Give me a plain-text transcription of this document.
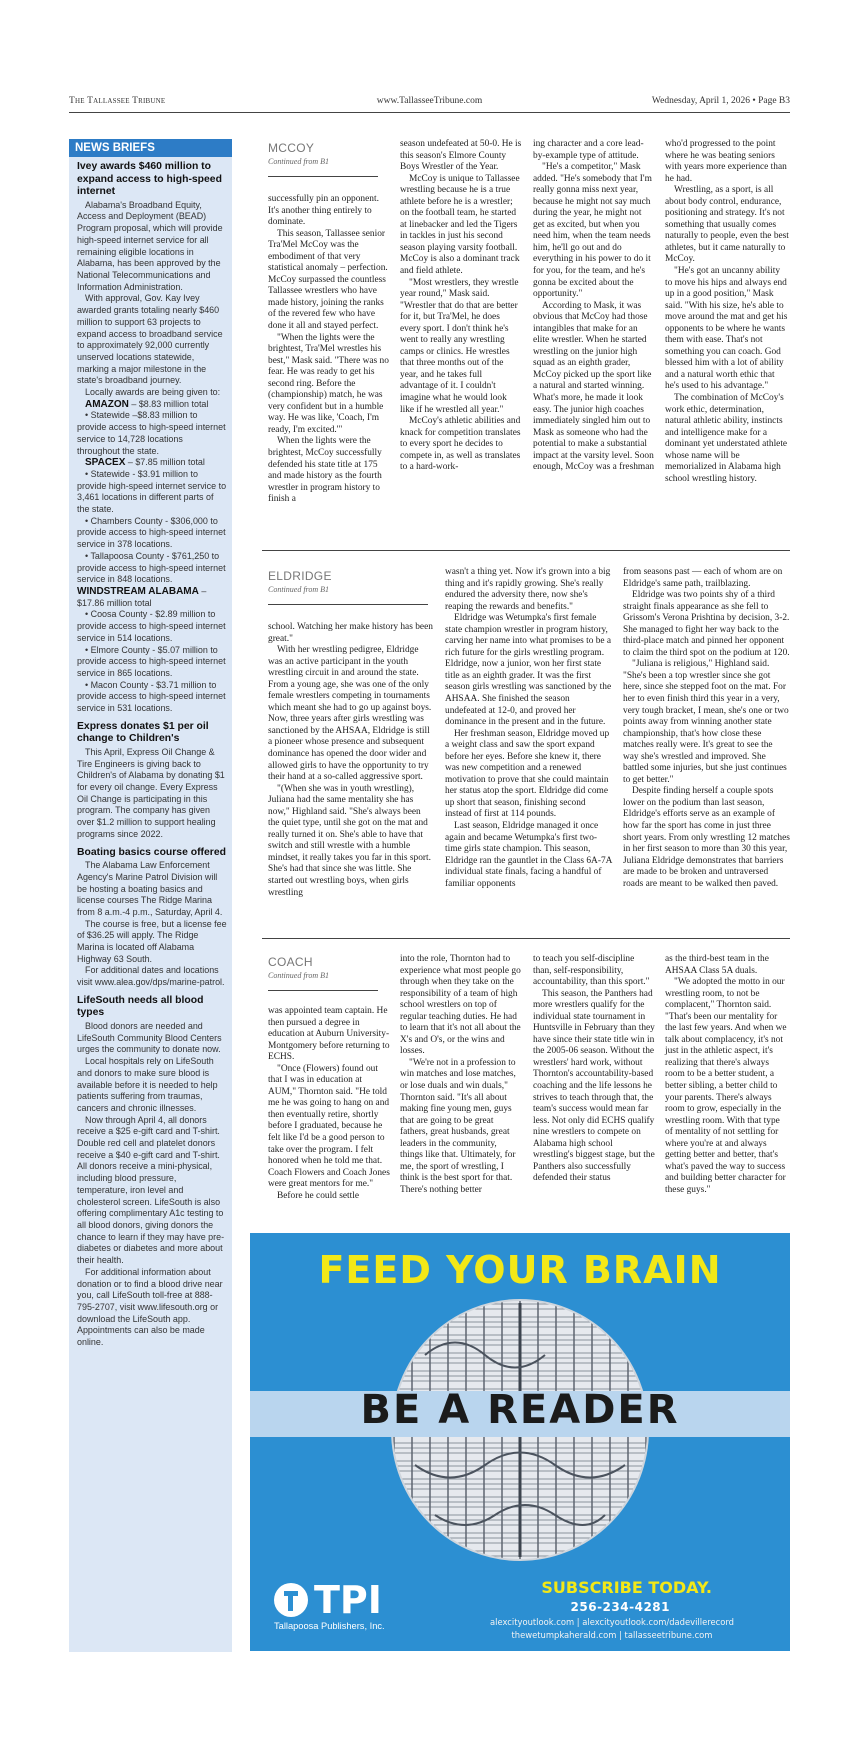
The Tallassee Tribune	www.TallasseeTribune.com	Wednesday, April 1, 2026 • Page B3
NEWS BRIEFS
Ivey awards $460 million to expand access to high-speed internet

Alabama's Broadband Equity, Access and Deployment (BEAD) Program proposal, which will provide high-speed internet service for all remaining eligible locations in Alabama, has been approved by the National Telecommunications and Information Administration.

With approval, Gov. Kay Ivey awarded grants totaling nearly $460 million to support 63 projects to expand access to broadband service to approximately 92,000 currently unserved locations statewide, marking a major milestone in the state's broadband journey.

Locally awards are being given to:

AMAZON – $8.83 million total

• Statewide –$8.83 million to provide access to high-speed internet service to 14,728 locations throughout the state.

SPACEX – $7.85 million total

• Statewide - $3.91 million to provide high-speed internet service to 3,461 locations in different parts of the state.

• Chambers County - $306,000 to provide access to high-speed internet service in 378 locations.

• Tallapoosa County - $761,250 to provide access to high-speed internet service in 848 locations.

WINDSTREAM ALABAMA – $17.86 million total

• Coosa County - $2.89 million to provide access to high-speed internet service in 514 locations.

• Elmore County - $5.07 million to provide access to high-speed internet service in 865 locations.

• Macon County - $3.71 million to provide access to high-speed internet service in 531 locations.

Express donates $1 per oil change to Children's

This April, Express Oil Change & Tire Engineers is giving back to Children's of Alabama by donating $1 for every oil change. Every Express Oil Change is participating in this program. The company has given over $1.2 million to support healing programs since 2022.

Boating basics course offered

The Alabama Law Enforcement Agency's Marine Patrol Division will be hosting a boating basics and license courses The Ridge Marina from 8 a.m.-4 p.m., Saturday, April 4.

The course is free, but a license fee of $36.25 will apply. The Ridge Marina is located off Alabama Highway 63 South.

For additional dates and locations visit www.alea.gov/dps/marine-patrol.

LifeSouth needs all blood types

Blood donors are needed and LifeSouth Community Blood Centers urges the community to donate now.

Local hospitals rely on LifeSouth and donors to make sure blood is available before it is needed to help patients suffering from traumas, cancers and chronic illnesses.

Now through April 4, all donors receive a $25 e-gift card and T-shirt. Double red cell and platelet donors receive a $40 e-gift card and T-shirt. All donors receive a mini-physical, including blood pressure, temperature, iron level and cholesterol screen. LifeSouth is also offering complimentary A1c testing to all blood donors, giving donors the chance to learn if they may have pre-diabetes or diabetes and more about their health.

For additional information about donation or to find a blood drive near you, call LifeSouth toll-free at 888-795-2707, visit www.lifesouth.org or download the LifeSouth app. Appointments can also be made online.

MCCOY
Continued from B1

successfully pin an opponent. It's another thing entirely to dominate.

This season, Tallassee senior Tra'Mel McCoy was the embodiment of that very statistical anomaly – perfection. McCoy surpassed the countless Tallassee wrestlers who have made history, joining the ranks of the revered few who have done it all and stayed perfect.

"When the lights were the brightest, Tra'Mel wrestles his best," Mask said. "There was no fear. He was ready to get his second ring. Before the (championship) match, he was very confident but in a humble way. He was like, 'Coach, I'm ready, I'm excited.'"

When the lights were the brightest, McCoy successfully defended his state title at 175 and made history as the fourth wrestler in program history to finish a

season undefeated at 50-0. He is this season's Elmore County Boys Wrestler of the Year.

McCoy is unique to Tallassee wrestling because he is a true athlete before he is a wrestler; on the football team, he started at linebacker and led the Tigers in tackles in just his second season playing varsity football. McCoy is also a dominant track and field athlete.

"Most wrestlers, they wrestle year round," Mask said. "Wrestler that do that are better for it, but Tra'Mel, he does every sport. I don't think he's went to really any wrestling camps or clinics. He wrestles that three months out of the year, and he takes full advantage of it. I couldn't imagine what he would look like if he wrestled all year."

McCoy's athletic abilities and knack for competition translates to every sport he decides to compete in, as well as translates to a hard-work-

ing character and a core lead-by-example type of attitude.

"He's a competitor," Mask added. "He's somebody that I'm really gonna miss next year, because he might not say much during the year, he might not get as excited, but when you need him, when the team needs him, he'll go out and do everything in his power to do it for you, for the team, and he's gonna be excited about the opportunity."

According to Mask, it was obvious that McCoy had those intangibles that make for an elite wrestler. When he started wrestling on the junior high squad as an eighth grader, McCoy picked up the sport like a natural and started winning. What's more, he made it look easy. The junior high coaches immediately singled him out to Mask as someone who had the potential to make a substantial impact at the varsity level. Soon enough, McCoy was a freshman

who'd progressed to the point where he was beating seniors with years more experience than he had.

Wrestling, as a sport, is all about body control, endurance, positioning and strategy. It's not something that usually comes naturally to people, even the best athletes, but it came naturally to McCoy.

"He's got an uncanny ability to move his hips and always end up in a good position," Mask said. "With his size, he's able to move around the mat and get his opponents to be where he wants them with ease. That's not something you can coach. God blessed him with a lot of ability and a natural worth ethic that he's used to his advantage."

The combination of McCoy's work ethic, determination, natural athletic ability, instincts and intelligence make for a dominant yet understated athlete whose name will be memorialized in Alabama high school wrestling history.

ELDRIDGE
Continued from B1

school. Watching her make history has been great."

With her wrestling pedigree, Eldridge was an active participant in the youth wrestling circuit in and around the state. From a young age, she was one of the only female wrestlers competing in tournaments which meant she had to go up against boys. Now, three years after girls wrestling was sanctioned by the AHSAA, Eldridge is still a pioneer whose presence and subsequent dominance has opened the door wider and allowed girls to have the opportunity to try their hand at a so-called aggressive sport.

"(When she was in youth wrestling), Juliana had the same mentality she has now," Highland said. "She's always been the quiet type, until she got on the mat and really turned it on. She's able to have that switch and still wrestle with a humble mindset, it really takes you far in this sport. She's had that since she was little. She started out wrestling boys, when girls wrestling

wasn't a thing yet. Now it's grown into a big thing and it's rapidly growing. She's really endured the adversity there, now she's reaping the rewards and benefits."

Eldridge was Wetumpka's first female state champion wrestler in program history, carving her name into what promises to be a rich future for the girls wrestling program. Eldridge, now a junior, won her first state title as an eighth grader. It was the first season girls wrestling was sanctioned by the AHSAA. She finished the season undefeated at 12-0, and proved her dominance in the present and in the future.

Her freshman season, Eldridge moved up a weight class and saw the sport expand before her eyes. Before she knew it, there was new competition and a renewed motivation to prove that she could maintain her status atop the sport. Eldridge did come up short that season, finishing second instead of first at 114 pounds.

Last season, Eldridge managed it once again and became Wetumpka's first two-time girls state champion. This season, Eldridge ran the gauntlet in the Class 6A-7A individual state finals, facing a handful of familiar opponents

from seasons past — each of whom are on Eldridge's same path, trailblazing.

Eldridge was two points shy of a third straight finals appearance as she fell to Grissom's Verona Prishtina by decision, 3-2. She managed to fight her way back to the third-place match and pinned her opponent to claim the third spot on the podium at 120.

"Juliana is religious," Highland said. "She's been a top wrestler since she got here, since she stepped foot on the mat. For her to even finish third this year in a very, very tough bracket, I mean, she's one or two points away from winning another state championship, that's how close these matches really were. It's great to see the way she's wrestled and improved. She battled some injuries, but she just continues to get better."

Despite finding herself a couple spots lower on the podium than last season, Eldridge's efforts serve as an example of how far the sport has come in just three short years. From only wrestling 12 matches in her first season to more than 30 this year, Juliana Eldridge demonstrates that barriers are made to be broken and untraversed roads are meant to be walked then paved.

COACH
Continued from B1

was appointed team captain. He then pursued a degree in education at Auburn University-Montgomery before returning to ECHS.

"Once (Flowers) found out that I was in education at AUM," Thornton said. "He told me he was going to hang on and then eventually retire, shortly before I graduated, because he felt like I'd be a good person to take over the program. I felt honored when he told me that. Coach Flowers and Coach Jones were great mentors for me."

Before he could settle

into the role, Thornton had to experience what most people go through when they take on the responsibility of a team of high school wrestlers on top of regular teaching duties. He had to learn that it's not all about the X's and O's, or the wins and losses.

"We're not in a profession to win matches and lose matches, or lose duals and win duals," Thornton said. "It's all about making fine young men, guys that are going to be great fathers, great husbands, great leaders in the community, things like that. Ultimately, for me, the sport of wrestling, I think is the best sport for that. There's nothing better

to teach you self-discipline than, self-responsibility, accountability, than this sport."

This season, the Panthers had more wrestlers qualify for the individual state tournament in Huntsville in February than they have since their state title win in the 2005-06 season. Without the wrestlers' hard work, without Thornton's accountability-based coaching and the life lessons he strives to teach through that, the team's success would mean far less. Not only did ECHS qualify nine wrestlers to compete on Alabama high school wrestling's biggest stage, but the Panthers also successfully defended their status

as the third-best team in the AHSAA Class 5A duals.

"We adopted the motto in our wrestling room, to not be complacent," Thornton said. "That's been our mentality for the last few years. And when we talk about complacency, it's not just in the athletic aspect, it's realizing that there's always room to be a better student, a better sibling, a better child to your parents. There's always room to grow, especially in the wrestling room. With that type of mentality of not settling for where you're at and always getting better and better, that's what's paved the way to success and building better character for these guys."

FEED YOUR BRAIN
BE A READER
TPI
Tallapoosa Publishers, Inc.
SUBSCRIBE TODAY.
256-234-4281
alexcityoutlook.com | alexcityoutlook.com/dadevillerecord
thewetumpkaherald.com | tallasseetribune.com
